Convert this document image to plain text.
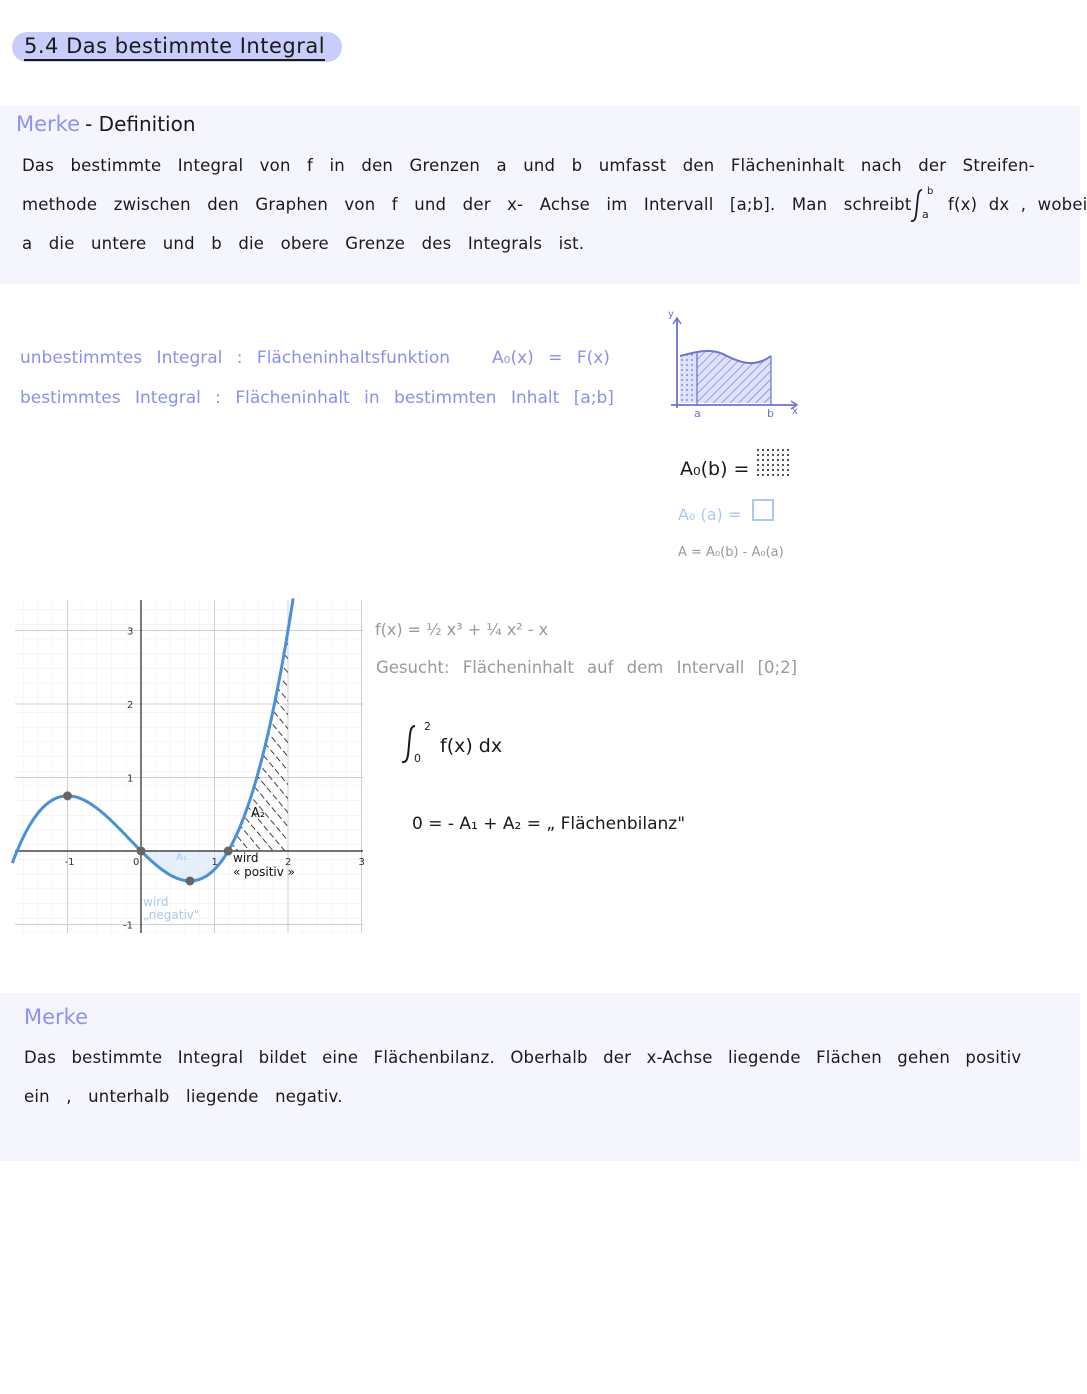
5.4 Das bestimmte Integral
Merke - Definition
Das bestimmte Integral von f in den Grenzen a und b umfasst den Flächeninhalt nach der Streifen-
methode zwischen den Graphen von f und der x- Achse im Intervall [a;b]. Man schreibt
b
a
f(x) dx , wobei
a die untere und b die obere Grenze des Integrals ist.
unbestimmtes Integral : Flächeninhaltsfunktion A₀(x) = F(x)
bestimmtes Integral : Flächeninhalt in bestimmten Inhalt [a;b]
y
x
a	b
A₀(b) =
A₀ (a) =
A = A₀(b) - A₀(a)
-1	0	1	2	3
3
2
1
-1
A₂
A₁	wird
« positiv »
wird
„negativ"
f(x) = ½ x³ + ¼ x² - x
Gesucht: Flächeninhalt auf dem Intervall [0;2]
2
0
f(x) dx
0 = - A₁ + A₂ = „ Flächenbilanz"
Merke
Das bestimmte Integral bildet eine Flächenbilanz. Oberhalb der x-Achse liegende Flächen gehen positiv
ein , unterhalb liegende negativ.
